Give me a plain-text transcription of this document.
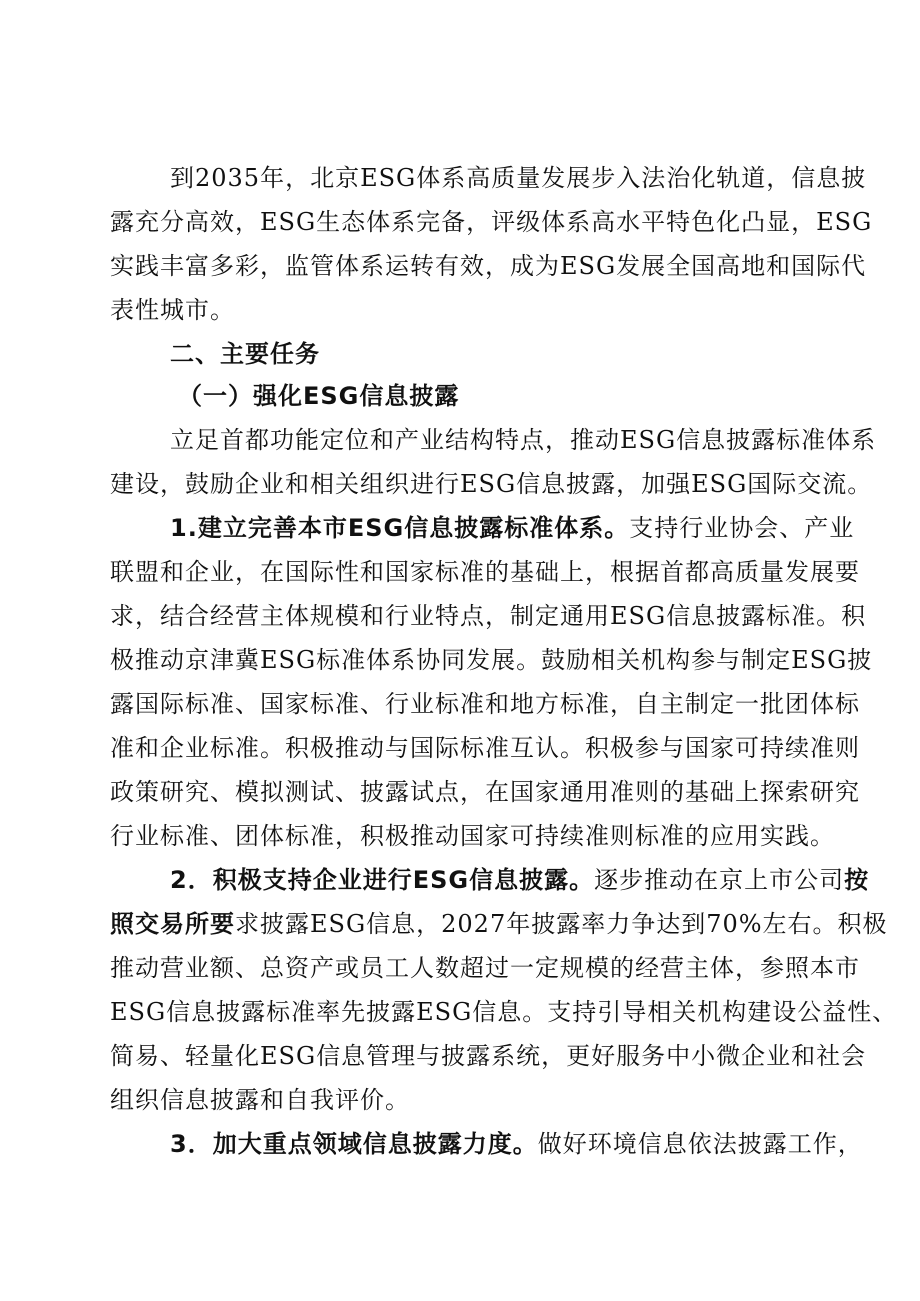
到2035年，北京ESG体系高质量发展步入法治化轨道，信息披
露充分高效，ESG生态体系完备，评级体系高水平特色化凸显，ESG
实践丰富多彩，监管体系运转有效，成为ESG发展全国高地和国际代
表性城市。
二、主要任务
（一）强化ESG信息披露
立足首都功能定位和产业结构特点，推动ESG信息披露标准体系
建设，鼓励企业和相关组织进行ESG信息披露，加强ESG国际交流。
1.建立完善本市ESG信息披露标准体系。支持行业协会、产业
联盟和企业，在国际性和国家标准的基础上，根据首都高质量发展要
求，结合经营主体规模和行业特点，制定通用ESG信息披露标准。积
极推动京津冀ESG标准体系协同发展。鼓励相关机构参与制定ESG披
露国际标准、国家标准、行业标准和地方标准，自主制定一批团体标
准和企业标准。积极推动与国际标准互认。积极参与国家可持续准则
政策研究、模拟测试、披露试点，在国家通用准则的基础上探索研究
行业标准、团体标准，积极推动国家可持续准则标准的应用实践。
2．积极支持企业进行ESG信息披露。逐步推动在京上市公司按
照交易所要求披露ESG信息，2027年披露率力争达到70%左右。积极
推动营业额、总资产或员工人数超过一定规模的经营主体，参照本市
ESG信息披露标准率先披露ESG信息。支持引导相关机构建设公益性、
简易、轻量化ESG信息管理与披露系统，更好服务中小微企业和社会
组织信息披露和自我评价。
3．加大重点领域信息披露力度。做好环境信息依法披露工作，
